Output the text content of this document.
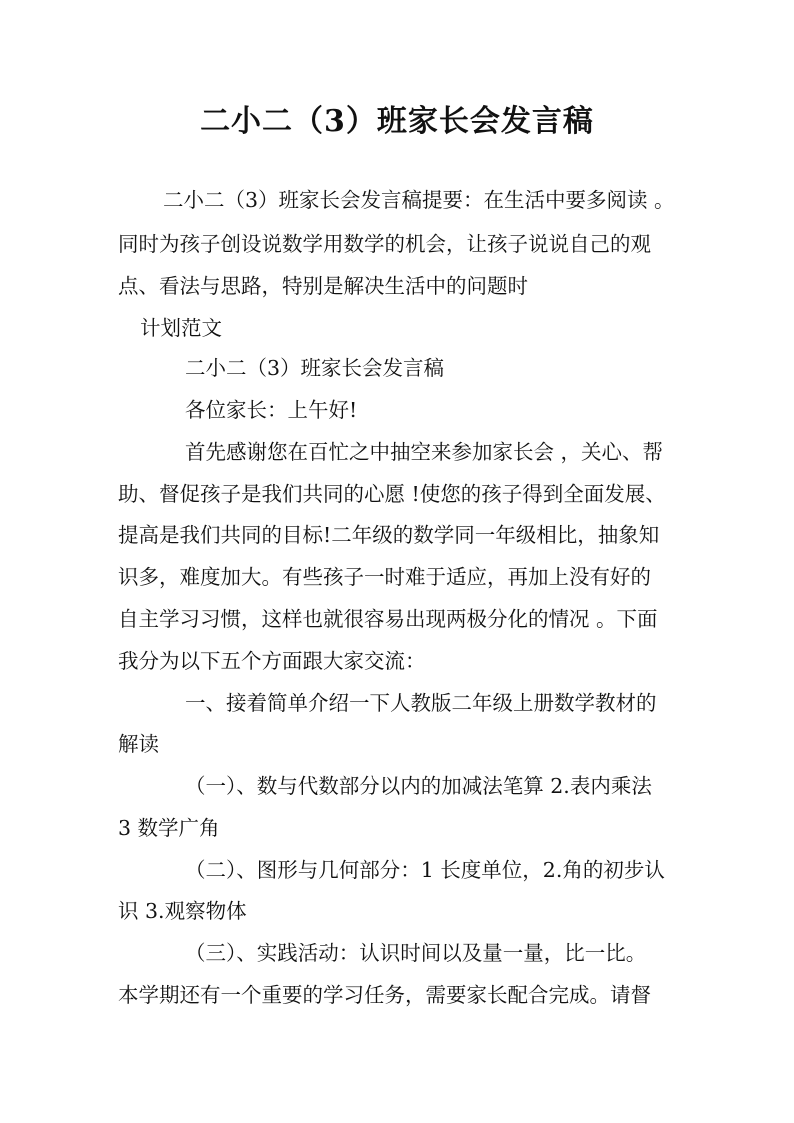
二小二（3）班家长会发言稿

二小二（3）班家长会发言稿提要：在生活中要多阅读 。

同时为孩子创设说数学用数学的机会，让孩子说说自己的观

点、看法与思路，特别是解决生活中的问题时

计划范文

二小二（3）班家长会发言稿

各位家长：上午好!

首先感谢您在百忙之中抽空来参加家长会 ，关心、帮

助、督促孩子是我们共同的心愿 !使您的孩子得到全面发展、

提高是我们共同的目标!二年级的数学同一年级相比，抽象知

识多，难度加大。有些孩子一时难于适应，再加上没有好的

自主学习习惯，这样也就很容易出现两极分化的情况 。下面

我分为以下五个方面跟大家交流：

一、接着简单介绍一下人教版二年级上册数学教材的

解读

（一）、数与代数部分以内的加减法笔算 2.表内乘法

3 数学广角

（二）、图形与几何部分：1 长度单位，2.角的初步认

识 3.观察物体

（三）、实践活动：认识时间以及量一量，比一比。

本学期还有一个重要的学习任务，需要家长配合完成。请督
